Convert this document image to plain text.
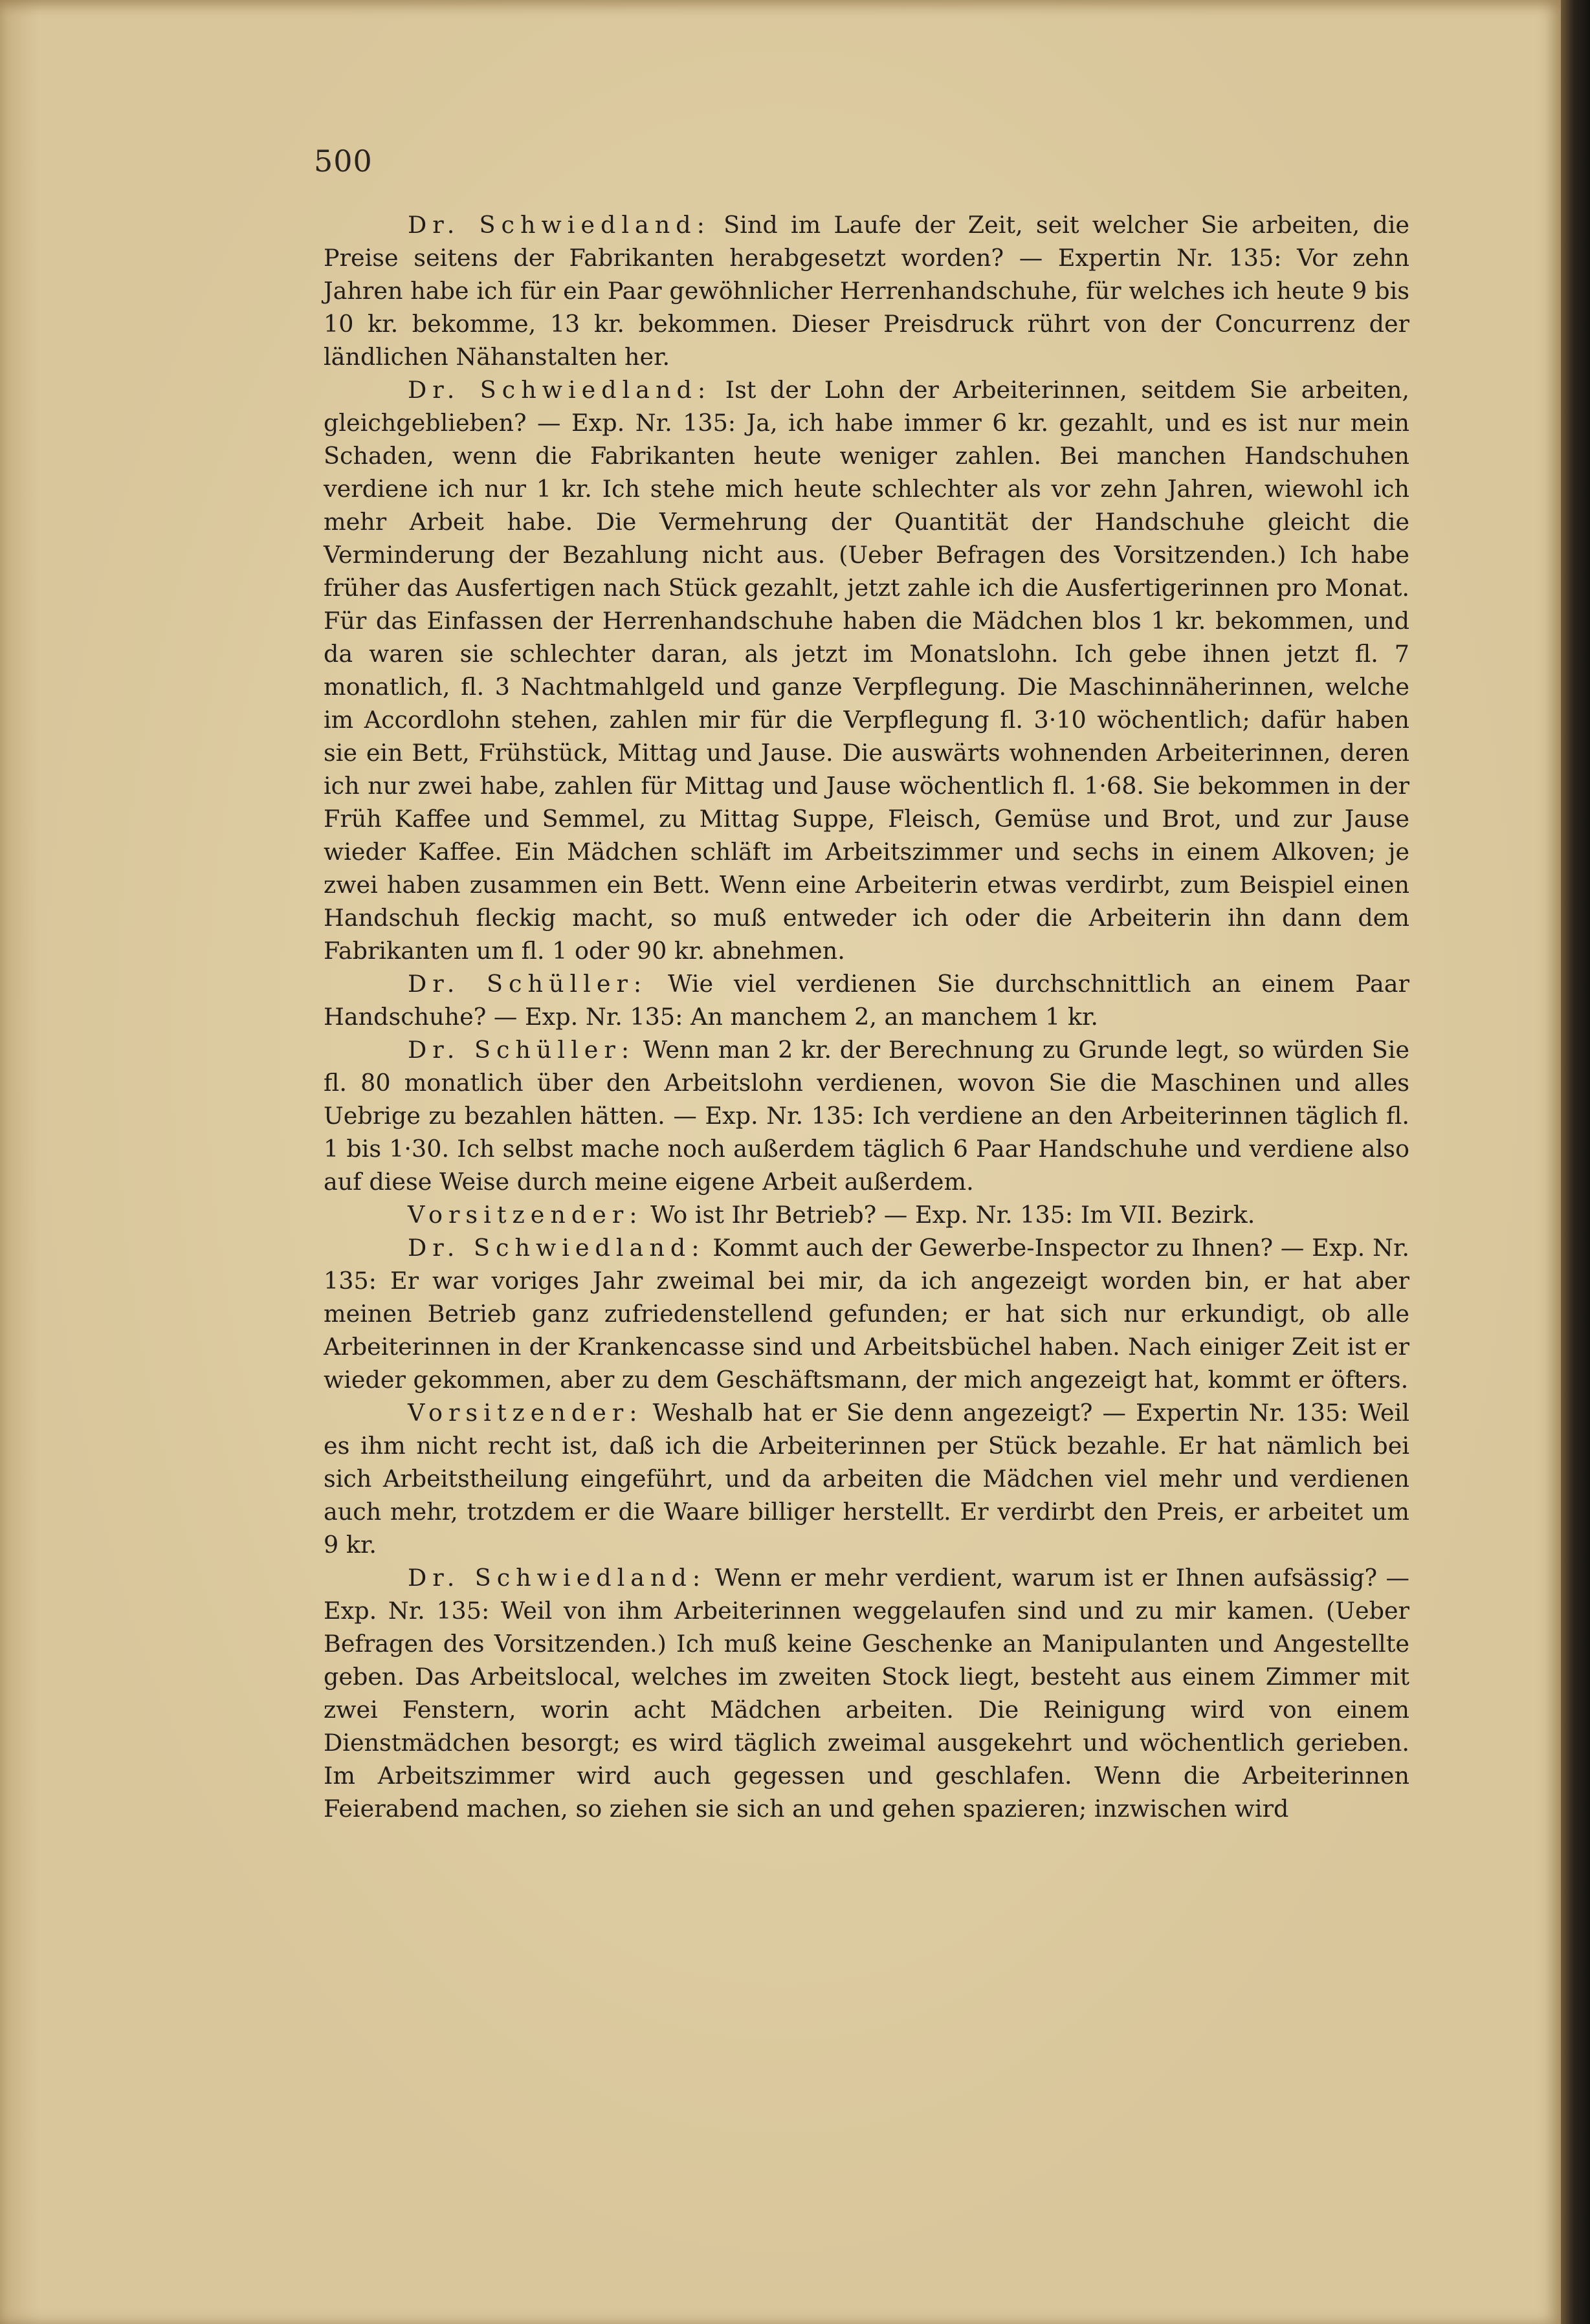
500

Dr. Schwiedland: Sind im Laufe der Zeit, seit welcher Sie arbeiten, die Preise seitens der Fabrikanten herabgesetzt worden? — Expertin Nr. 135: Vor zehn Jahren habe ich für ein Paar gewöhnlicher Herrenhandschuhe, für welches ich heute 9 bis 10 kr. bekomme, 13 kr. bekommen. Dieser Preisdruck rührt von der Concurrenz der ländlichen Nähanstalten her.

Dr. Schwiedland: Ist der Lohn der Arbeiterinnen, seitdem Sie arbeiten, gleichgeblieben? — Exp. Nr. 135: Ja, ich habe immer 6 kr. gezahlt, und es ist nur mein Schaden, wenn die Fabrikanten heute weniger zahlen. Bei manchen Handschuhen verdiene ich nur 1 kr. Ich stehe mich heute schlechter als vor zehn Jahren, wiewohl ich mehr Arbeit habe. Die Vermehrung der Quantität der Handschuhe gleicht die Verminderung der Bezahlung nicht aus. (Ueber Befragen des Vorsitzenden.) Ich habe früher das Ausfertigen nach Stück gezahlt, jetzt zahle ich die Ausfertigerinnen pro Monat. Für das Einfassen der Herrenhandschuhe haben die Mädchen blos 1 kr. bekommen, und da waren sie schlechter daran, als jetzt im Monatslohn. Ich gebe ihnen jetzt fl. 7 monatlich, fl. 3 Nachtmahlgeld und ganze Verpflegung. Die Maschinnäherinnen, welche im Accordlohn stehen, zahlen mir für die Verpflegung fl. 3·10 wöchentlich; dafür haben sie ein Bett, Frühstück, Mittag und Jause. Die auswärts wohnenden Arbeiterinnen, deren ich nur zwei habe, zahlen für Mittag und Jause wöchentlich fl. 1·68. Sie bekommen in der Früh Kaffee und Semmel, zu Mittag Suppe, Fleisch, Gemüse und Brot, und zur Jause wieder Kaffee. Ein Mädchen schläft im Arbeitszimmer und sechs in einem Alkoven; je zwei haben zusammen ein Bett. Wenn eine Arbeiterin etwas verdirbt, zum Beispiel einen Handschuh fleckig macht, so muß entweder ich oder die Arbeiterin ihn dann dem Fabrikanten um fl. 1 oder 90 kr. abnehmen.

Dr. Schüller: Wie viel verdienen Sie durchschnittlich an einem Paar Handschuhe? — Exp. Nr. 135: An manchem 2, an manchem 1 kr.

Dr. Schüller: Wenn man 2 kr. der Berechnung zu Grunde legt, so würden Sie fl. 80 monatlich über den Arbeitslohn verdienen, wovon Sie die Maschinen und alles Uebrige zu bezahlen hätten. — Exp. Nr. 135: Ich verdiene an den Arbeiterinnen täglich fl. 1 bis 1·30. Ich selbst mache noch außerdem täglich 6 Paar Handschuhe und verdiene also auf diese Weise durch meine eigene Arbeit außerdem.

Vorsitzender: Wo ist Ihr Betrieb? — Exp. Nr. 135: Im VII. Bezirk.

Dr. Schwiedland: Kommt auch der Gewerbe-Inspector zu Ihnen? — Exp. Nr. 135: Er war voriges Jahr zweimal bei mir, da ich angezeigt worden bin, er hat aber meinen Betrieb ganz zufriedenstellend gefunden; er hat sich nur erkundigt, ob alle Arbeiterinnen in der Krankencasse sind und Arbeitsbüchel haben. Nach einiger Zeit ist er wieder gekommen, aber zu dem Geschäftsmann, der mich angezeigt hat, kommt er öfters.

Vorsitzender: Weshalb hat er Sie denn angezeigt? — Expertin Nr. 135: Weil es ihm nicht recht ist, daß ich die Arbeiterinnen per Stück bezahle. Er hat nämlich bei sich Arbeitstheilung eingeführt, und da arbeiten die Mädchen viel mehr und verdienen auch mehr, trotzdem er die Waare billiger herstellt. Er verdirbt den Preis, er arbeitet um 9 kr.

Dr. Schwiedland: Wenn er mehr verdient, warum ist er Ihnen aufsässig? — Exp. Nr. 135: Weil von ihm Arbeiterinnen weggelaufen sind und zu mir kamen. (Ueber Befragen des Vorsitzenden.) Ich muß keine Geschenke an Manipulanten und Angestellte geben. Das Arbeitslocal, welches im zweiten Stock liegt, besteht aus einem Zimmer mit zwei Fenstern, worin acht Mädchen arbeiten. Die Reinigung wird von einem Dienstmädchen besorgt; es wird täglich zweimal ausgekehrt und wöchentlich gerieben. Im Arbeitszimmer wird auch gegessen und geschlafen. Wenn die Arbeiterinnen Feierabend machen, so ziehen sie sich an und gehen spazieren; inzwischen wird
